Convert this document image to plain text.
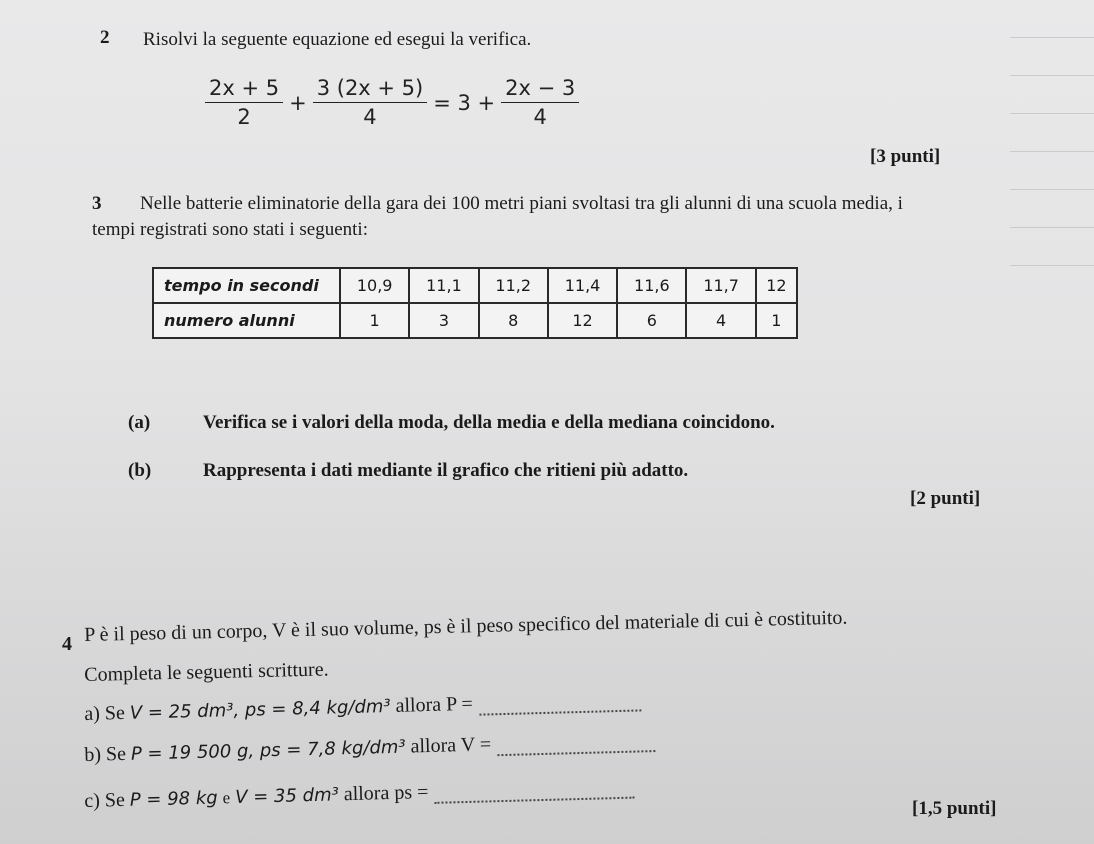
2 Risolvi la seguente equazione ed esegui la verifica.
$\frac{2x + 5}{2} + \frac{3 (2x + 5)}{4} = 3 + \frac{2x - 3}{4}$
[3 punti]
3 Nelle batterie eliminatorie della gara dei 100 metri piani svoltasi tra gli alunni di una scuola media, i
tempi registrati sono stati i seguenti:
tempo in secondi	10,9	11,1	11,2	11,4	11,6	11,7	12
numero alunni	1	3	8	12	6	4	1
(a)	Verifica se i valori della moda, della media e della mediana coincidono.
(b)	Rappresenta i dati mediante il grafico che ritieni più adatto.
[2 punti]
4 P è il peso di un corpo, V è il suo volume, ps è il peso specifico del materiale di cui è costituito.
Completa le seguenti scritture.
a) Se V = 25 dm³, ps = 8,4 kg/dm³ allora P =
b) Se P = 19 500 g, ps = 7,8 kg/dm³ allora V =
c) Se P = 98 kg e V = 35 dm³ allora ps =
[1,5 punti]
